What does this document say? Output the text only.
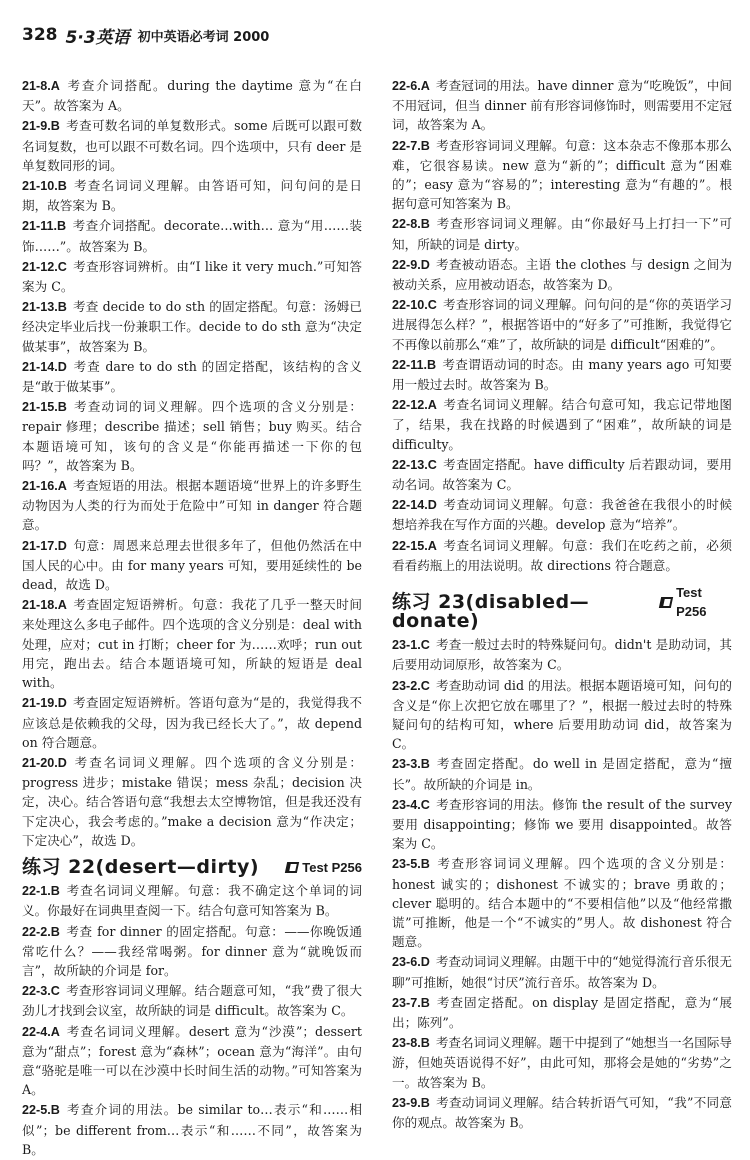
328 5·3英语 初中英语必考词 2000
21-8.A 考查介词搭配。during the daytime 意为“在白天”。故答案为 A。
21-9.B 考查可数名词的单复数形式。some 后既可以跟可数名词复数，也可以跟不可数名词。四个选项中，只有 deer 是单复数同形的词。
21-10.B 考查名词词义理解。由答语可知，问句问的是日期，故答案为 B。
21-11.B 考查介词搭配。decorate…with… 意为“用……装饰……”。故答案为 B。
21-12.C 考查形容词辨析。由“I like it very much.”可知答案为 C。
21-13.B 考查 decide to do sth 的固定搭配。句意：汤姆已经决定毕业后找一份兼职工作。decide to do sth 意为“决定做某事”，故答案为 B。
21-14.D 考查 dare to do sth 的固定搭配，该结构的含义是“敢于做某事”。
21-15.B 考查动词的词义理解。四个选项的含义分别是：repair 修理；describe 描述；sell 销售；buy 购买。结合本题语境可知，该句的含义是“你能再描述一下你的包吗？”，故答案为 B。
21-16.A 考查短语的用法。根据本题语境“世界上的许多野生动物因为人类的行为而处于危险中”可知 in danger 符合题意。
21-17.D 句意：周恩来总理去世很多年了，但他仍然活在中国人民的心中。由 for many years 可知，要用延续性的 be dead，故选 D。
21-18.A 考查固定短语辨析。句意：我花了几乎一整天时间来处理这么多电子邮件。四个选项的含义分别是：deal with 处理，应对；cut in 打断；cheer for 为……欢呼；run out 用完，跑出去。结合本题语境可知，所缺的短语是 deal with。
21-19.D 考查固定短语辨析。答语句意为“是的，我觉得我不应该总是依赖我的父母，因为我已经长大了。”，故 depend on 符合题意。
21-20.D 考查名词词义理解。四个选项的含义分别是：progress 进步；mistake 错误；mess 杂乱；decision 决定，决心。结合答语句意“我想去太空博物馆，但是我还没有下定决心，我会考虑的。”make a decision 意为“作决定；下定决心”，故选 D。
练习 22(desert—dirty)	Test P256
22-1.B 考查名词词义理解。句意：我不确定这个单词的词义。你最好在词典里查阅一下。结合句意可知答案为 B。
22-2.B 考查 for dinner 的固定搭配。句意：——你晚饭通常吃什么？——我经常喝粥。for dinner 意为“就晚饭而言”，故所缺的介词是 for。
22-3.C 考查形容词词义理解。结合题意可知，“我”费了很大劲儿才找到会议室，故所缺的词是 difficult。故答案为 C。
22-4.A 考查名词词义理解。desert 意为“沙漠”；dessert 意为“甜点”；forest 意为“森林”；ocean 意为“海洋”。由句意“骆驼是唯一可以在沙漠中长时间生活的动物。”可知答案为 A。
22-5.B 考查介词的用法。be similar to…表示“和……相似”；be different from…表示“和……不同”，故答案为 B。
22-6.A 考查冠词的用法。have dinner 意为“吃晚饭”，中间不用冠词，但当 dinner 前有形容词修饰时，则需要用不定冠词，故答案为 A。
22-7.B 考查形容词词义理解。句意：这本杂志不像那本那么难，它很容易读。new 意为“新的”；difficult 意为“困难的”；easy 意为“容易的”；interesting 意为“有趣的”。根据句意可知答案为 B。
22-8.B 考查形容词词义理解。由“你最好马上打扫一下”可知，所缺的词是 dirty。
22-9.D 考查被动语态。主语 the clothes 与 design 之间为被动关系，应用被动语态，故答案为 D。
22-10.C 考查形容词的词义理解。问句问的是“你的英语学习进展得怎么样？”，根据答语中的“好多了”可推断，我觉得它不再像以前那么“难”了，故所缺的词是 difficult“困难的”。
22-11.B 考查谓语动词的时态。由 many years ago 可知要用一般过去时。故答案为 B。
22-12.A 考查名词词义理解。结合句意可知，我忘记带地图了，结果，我在找路的时候遇到了“困难”，故所缺的词是 difficulty。
22-13.C 考查固定搭配。have difficulty 后若跟动词，要用动名词。故答案为 C。
22-14.D 考查动词词义理解。句意：我爸爸在我很小的时候想培养我在写作方面的兴趣。develop 意为“培养”。
22-15.A 考查名词词义理解。句意：我们在吃药之前，必须看看药瓶上的用法说明。故 directions 符合题意。
练习 23(disabled—donate)
Test P256
23-1.C 考查一般过去时的特殊疑问句。didn't 是助动词，其后要用动词原形，故答案为 C。
23-2.C 考查助动词 did 的用法。根据本题语境可知，问句的含义是“你上次把它放在哪里了？”，根据一般过去时的特殊疑问句的结构可知，where 后要用助动词 did，故答案为 C。
23-3.B 考查固定搭配。do well in 是固定搭配，意为“擅长”。故所缺的介词是 in。
23-4.C 考查形容词的用法。修饰 the result of the survey 要用 disappointing；修饰 we 要用 disappointed。故答案为 C。
23-5.B 考查形容词词义理解。四个选项的含义分别是：honest 诚实的；dishonest 不诚实的；brave 勇敢的；clever 聪明的。结合本题中的“不要相信他”以及“他经常撒谎”可推断，他是一个“不诚实的”男人。故 dishonest 符合题意。
23-6.D 考查动词词义理解。由题干中的“她觉得流行音乐很无聊”可推断，她很“讨厌”流行音乐。故答案为 D。
23-7.B 考查固定搭配。on display 是固定搭配，意为“展出；陈列”。
23-8.B 考查名词词义理解。题干中提到了“她想当一名国际导游，但她英语说得不好”，由此可知，那将会是她的“劣势”之一。故答案为 B。
23-9.B 考查动词词义理解。结合转折语气可知，“我”不同意你的观点。故答案为 B。
